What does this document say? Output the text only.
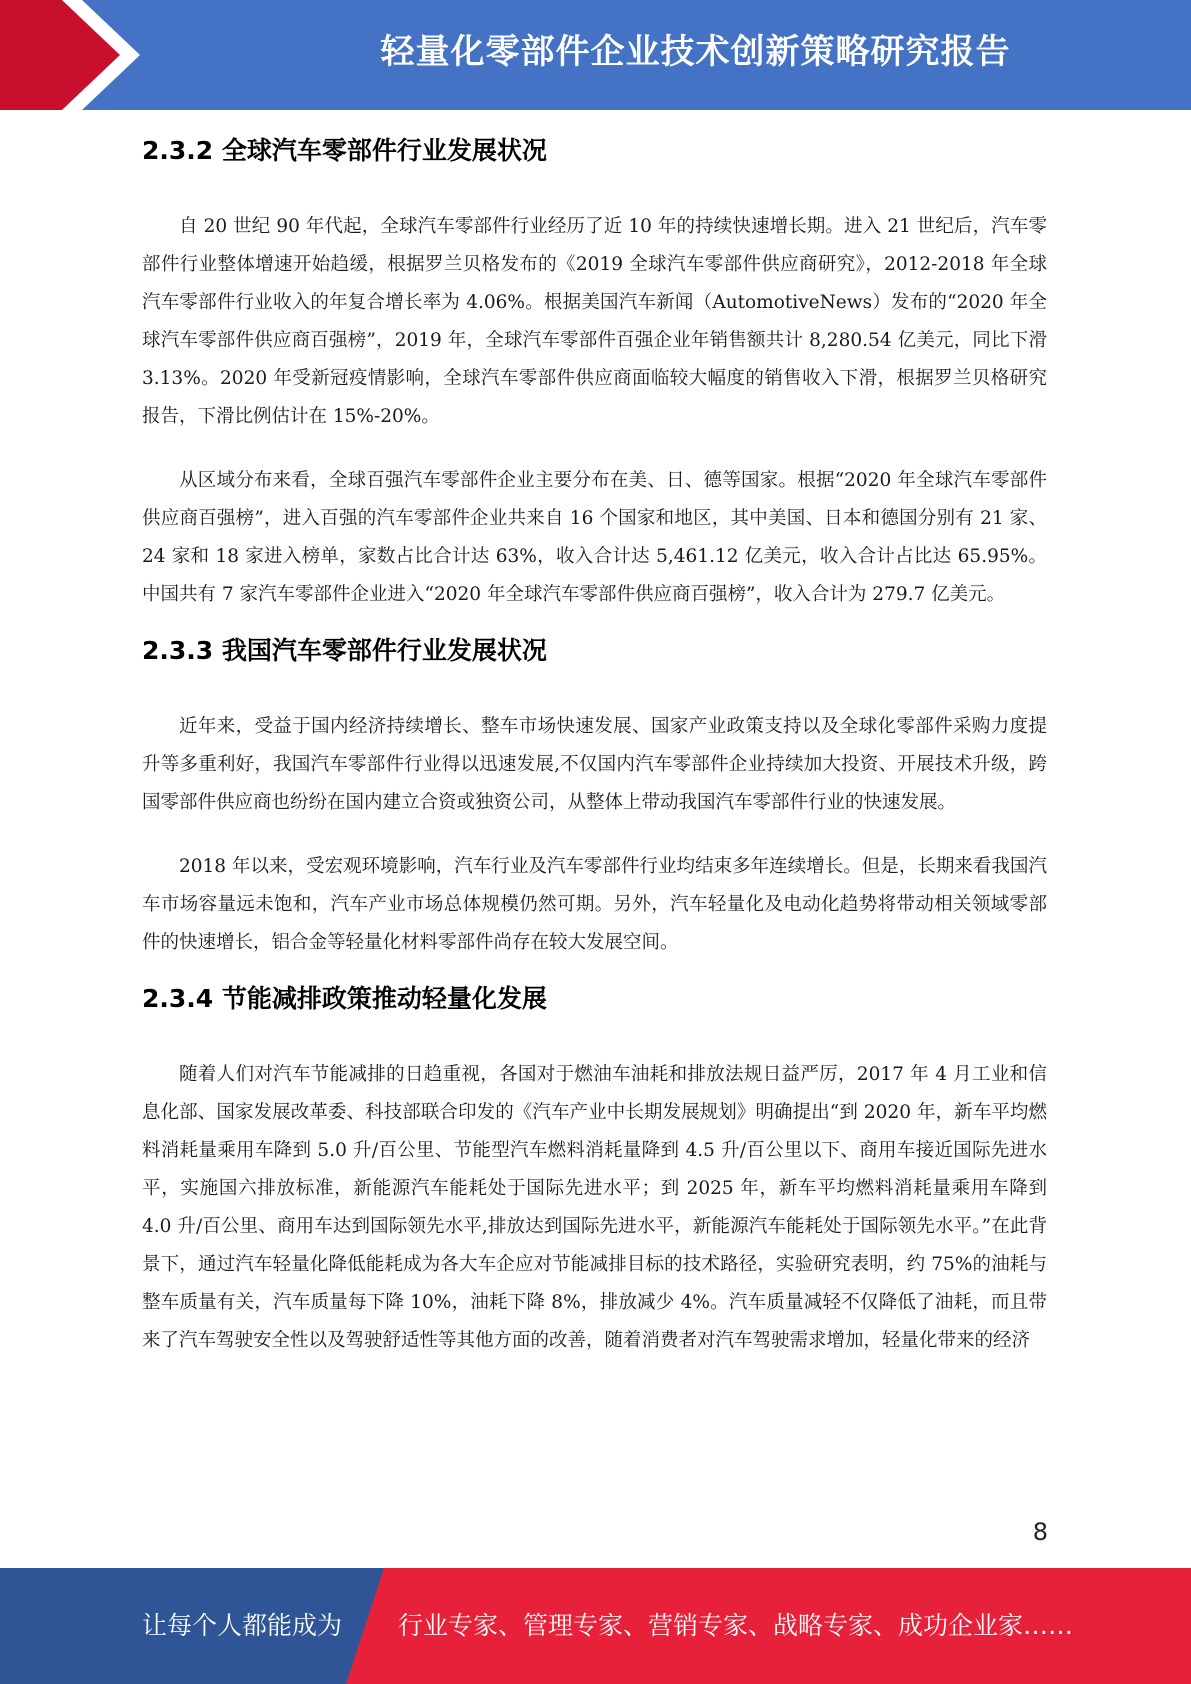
轻量化零部件企业技术创新策略研究报告
2.3.2 全球汽车零部件行业发展状况

自 20 世纪 90 年代起，全球汽车零部件行业经历了近 10 年的持续快速增长期。进入 21 世纪后，汽车零部件行业整体增速开始趋缓，根据罗兰贝格发布的《2019 全球汽车零部件供应商研究》，2012-2018 年全球汽车零部件行业收入的年复合增长率为 4.06%。根据美国汽车新闻（AutomotiveNews）发布的“2020 年全球汽车零部件供应商百强榜”，2019 年，全球汽车零部件百强企业年销售额共计 8,280.54 亿美元，同比下滑 3.13%。2020 年受新冠疫情影响，全球汽车零部件供应商面临较大幅度的销售收入下滑，根据罗兰贝格研究报告，下滑比例估计在 15%-20%。

从区域分布来看，全球百强汽车零部件企业主要分布在美、日、德等国家。根据“2020 年全球汽车零部件供应商百强榜”，进入百强的汽车零部件企业共来自 16 个国家和地区，其中美国、日本和德国分别有 21 家、24 家和 18 家进入榜单，家数占比合计达 63%，收入合计达 5,461.12 亿美元，收入合计占比达 65.95%。中国共有 7 家汽车零部件企业进入“2020 年全球汽车零部件供应商百强榜”，收入合计为 279.7 亿美元。

2.3.3 我国汽车零部件行业发展状况

近年来，受益于国内经济持续增长、整车市场快速发展、国家产业政策支持以及全球化零部件采购力度提升等多重利好，我国汽车零部件行业得以迅速发展,不仅国内汽车零部件企业持续加大投资、开展技术升级，跨国零部件供应商也纷纷在国内建立合资或独资公司，从整体上带动我国汽车零部件行业的快速发展。

2018 年以来，受宏观环境影响，汽车行业及汽车零部件行业均结束多年连续增长。但是，长期来看我国汽车市场容量远未饱和，汽车产业市场总体规模仍然可期。另外，汽车轻量化及电动化趋势将带动相关领域零部件的快速增长，铝合金等轻量化材料零部件尚存在较大发展空间。

2.3.4 节能减排政策推动轻量化发展

随着人们对汽车节能减排的日趋重视，各国对于燃油车油耗和排放法规日益严厉，2017 年 4 月工业和信息化部、国家发展改革委、科技部联合印发的《汽车产业中长期发展规划》明确提出“到 2020 年，新车平均燃料消耗量乘用车降到 5.0 升/百公里、节能型汽车燃料消耗量降到 4.5 升/百公里以下、商用车接近国际先进水平，实施国六排放标准，新能源汽车能耗处于国际先进水平；到 2025 年，新车平均燃料消耗量乘用车降到 4.0 升/百公里、商用车达到国际领先水平,排放达到国际先进水平，新能源汽车能耗处于国际领先水平。”在此背景下，通过汽车轻量化降低能耗成为各大车企应对节能减排目标的技术路径，实验研究表明，约 75%的油耗与整车质量有关，汽车质量每下降 10%，油耗下降 8%，排放减少 4%。汽车质量减轻不仅降低了油耗，而且带来了汽车驾驶安全性以及驾驶舒适性等其他方面的改善，随着消费者对汽车驾驶需求增加，轻量化带来的经济

8
让每个人都能成为 行业专家、管理专家、营销专家、战略专家、成功企业家……
